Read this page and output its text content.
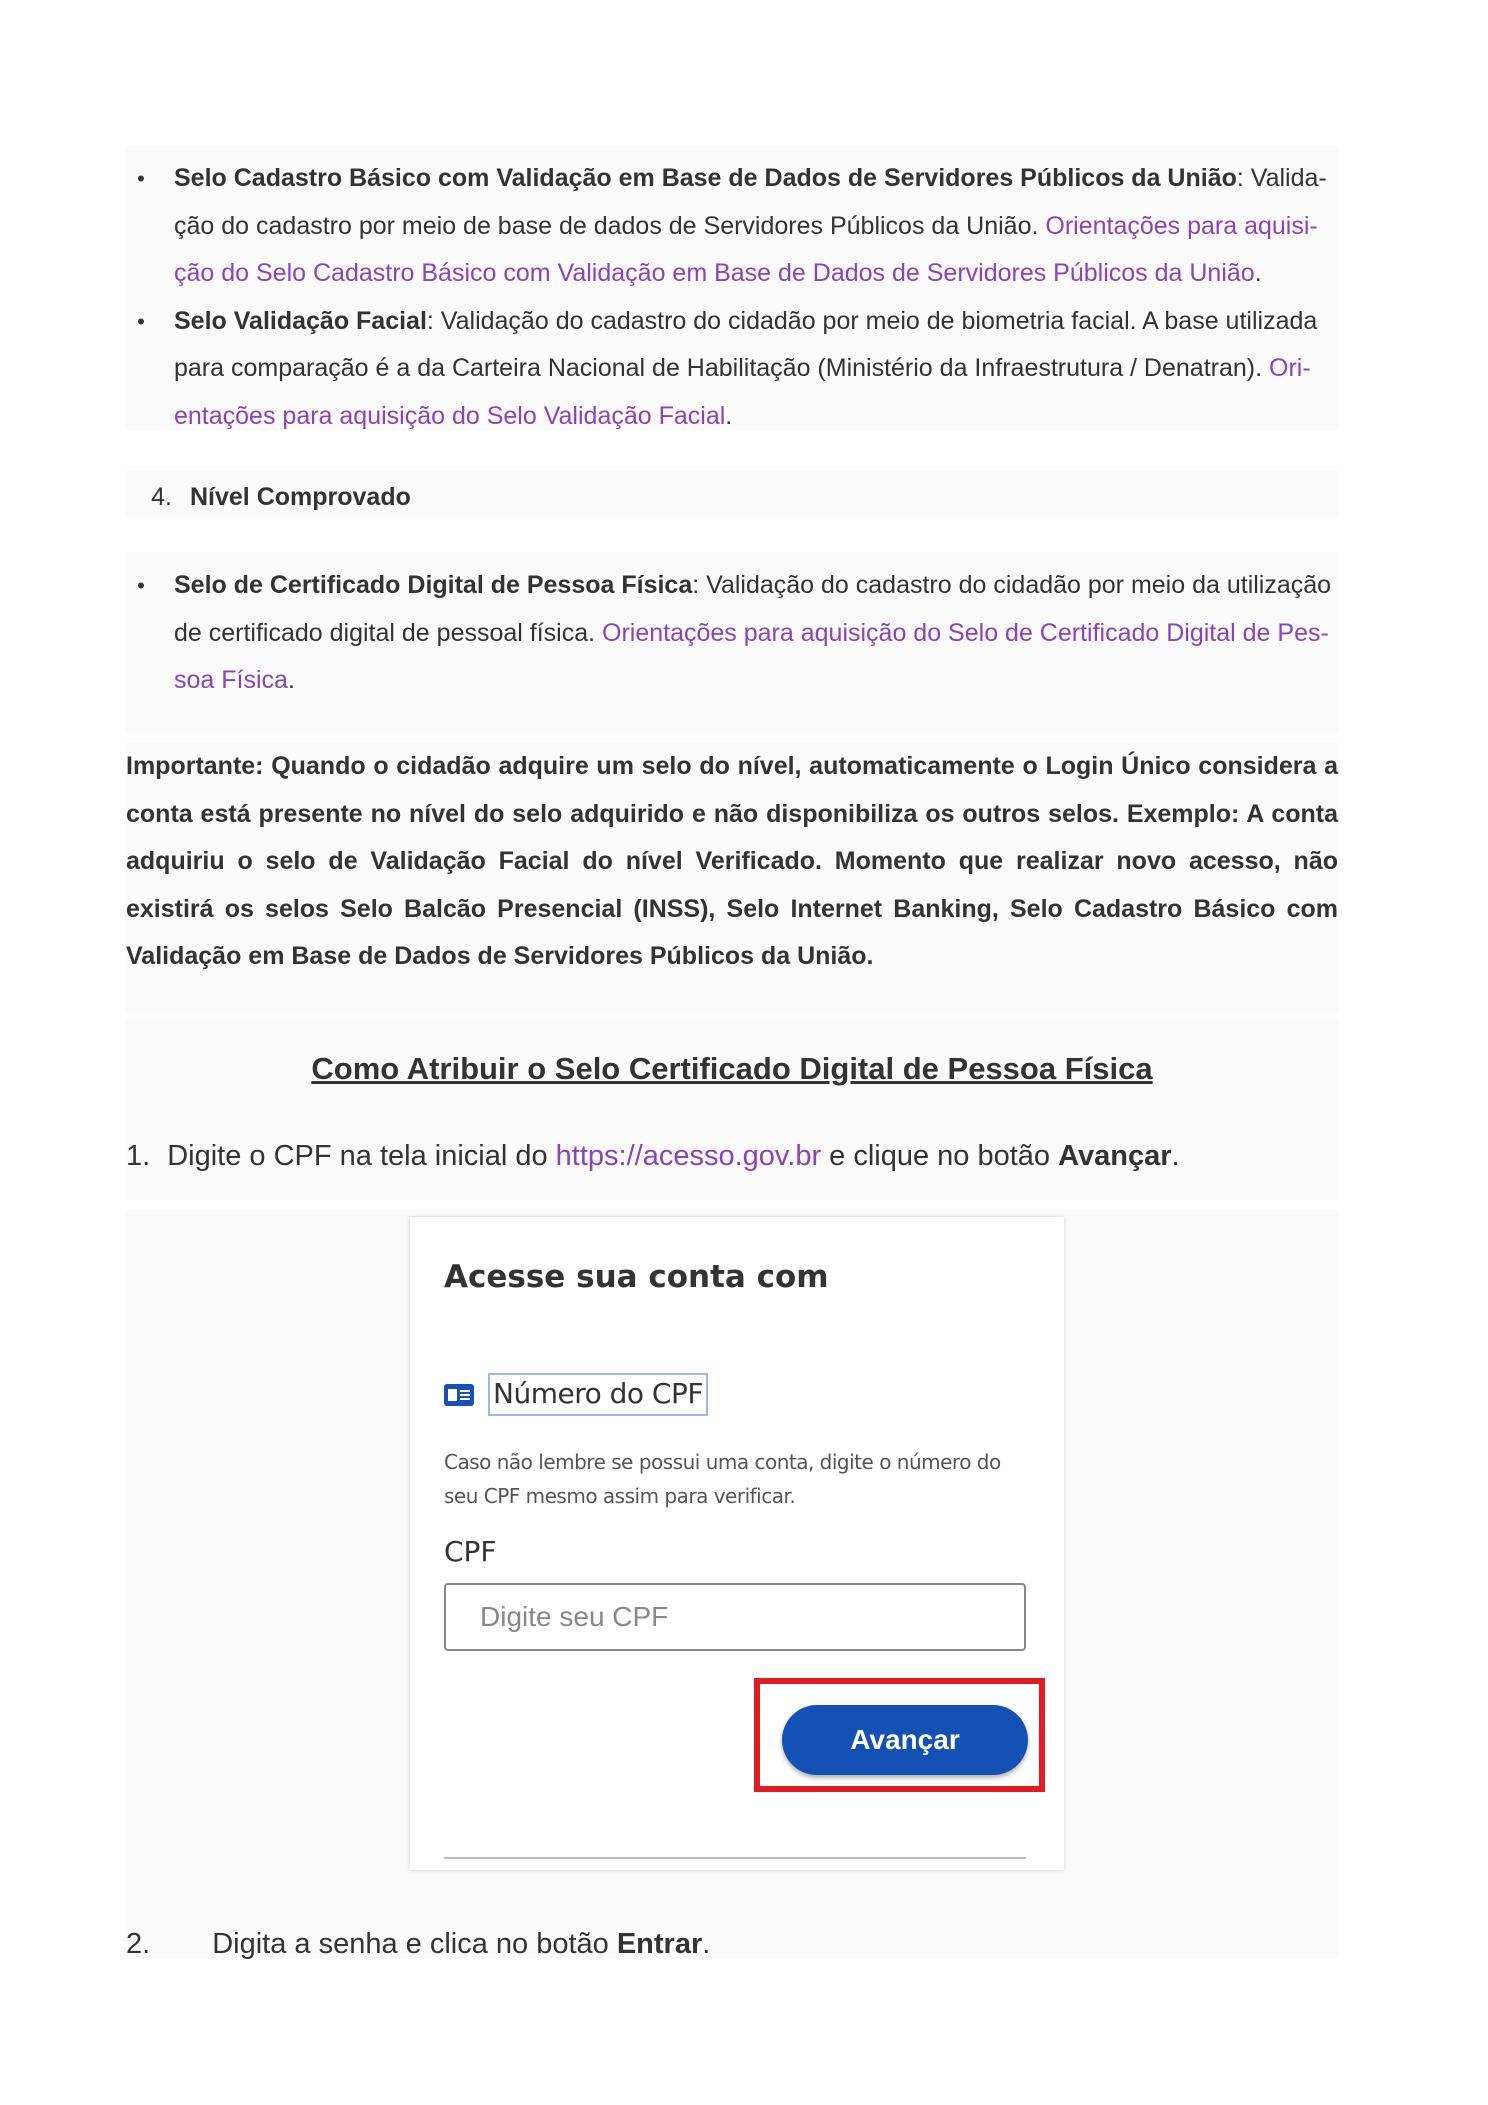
•	Selo Cadastro Básico com Validação em Base de Dados de Servidores Públicos da União: Valida-
ção do cadastro por meio de base de dados de Servidores Públicos da União. Orientações para aquisi-
ção do Selo Cadastro Básico com Validação em Base de Dados de Servidores Públicos da União.
•	Selo Validação Facial: Validação do cadastro do cidadão por meio de biometria facial. A base utilizada
para comparação é a da Carteira Nacional de Habilitação (Ministério da Infraestrutura / Denatran). Ori-
entações para aquisição do Selo Validação Facial.
4. Nível Comprovado
•	Selo de Certificado Digital de Pessoa Física: Validação do cadastro do cidadão por meio da utilização
de certificado digital de pessoal física. Orientações para aquisição do Selo de Certificado Digital de Pes-
soa Física.
Importante: Quando o cidadão adquire um selo do nível, automaticamente o Login Único considera a conta está presente no nível do selo adquirido e não disponibiliza os outros selos. Exemplo: A conta adquiriu o selo de Validação Facial do nível Verificado. Momento que realizar novo acesso, não existirá os selos Selo Balcão Presencial (INSS), Selo Internet Banking, Selo Cadastro Básico com Validação em Base de Dados de Servidores Públicos da União.
Como Atribuir o Selo Certificado Digital de Pessoa Física
1. Digite o CPF na tela inicial do https://acesso.gov.br e clique no botão Avançar.
Acesse sua conta com
Número do CPF
Caso não lembre se possui uma conta, digite o número do seu CPF mesmo assim para verificar.
CPF
Digite seu CPF
Avançar
2. Digita a senha e clica no botão Entrar.
